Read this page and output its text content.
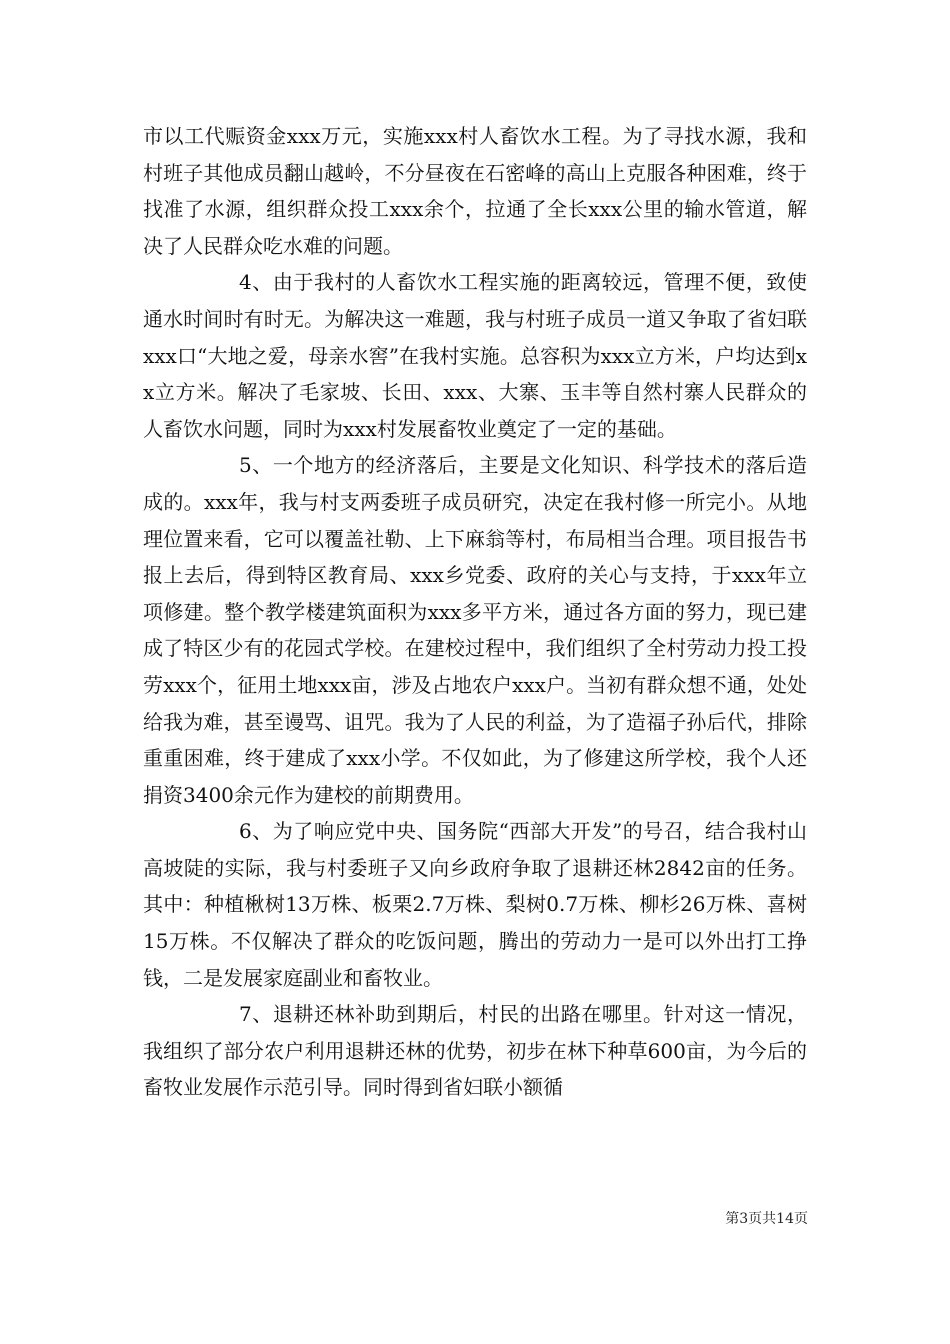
市以工代赈资金xxx万元，实施xxx村人畜饮水工程。为了寻找水源，我和村班子其他成员翻山越岭，不分昼夜在石密峰的高山上克服各种困难，终于找准了水源，组织群众投工xxx余个，拉通了全长xxx公里的输水管道，解决了人民群众吃水难的问题。

4、由于我村的人畜饮水工程实施的距离较远，管理不便，致使通水时间时有时无。为解决这一难题，我与村班子成员一道又争取了省妇联xxx口“大地之爱，母亲水窖”在我村实施。总容积为xxx立方米，户均达到xx立方米。解决了毛家坡、长田、xxx、大寨、玉丰等自然村寨人民群众的人畜饮水问题，同时为xxx村发展畜牧业奠定了一定的基础。

5、一个地方的经济落后，主要是文化知识、科学技术的落后造成的。xxx年，我与村支两委班子成员研究，决定在我村修一所完小。从地理位置来看，它可以覆盖社勒、上下麻翁等村，布局相当合理。项目报告书报上去后，得到特区教育局、xxx乡党委、政府的关心与支持，于xxx年立项修建。整个教学楼建筑面积为xxx多平方米，通过各方面的努力，现已建成了特区少有的花园式学校。在建校过程中，我们组织了全村劳动力投工投劳xxx个，征用土地xxx亩，涉及占地农户xxx户。当初有群众想不通，处处给我为难，甚至谩骂、诅咒。我为了人民的利益，为了造福子孙后代，排除重重困难，终于建成了xxx小学。不仅如此，为了修建这所学校，我个人还捐资3400余元作为建校的前期费用。

6、为了响应党中央、国务院“西部大开发”的号召，结合我村山高坡陡的实际，我与村委班子又向乡政府争取了退耕还林2842亩的任务。其中：种植楸树13万株、板栗2.7万株、梨树0.7万株、柳杉26万株、喜树15万株。不仅解决了群众的吃饭问题，腾出的劳动力一是可以外出打工挣钱，二是发展家庭副业和畜牧业。

7、退耕还林补助到期后，村民的出路在哪里。针对这一情况，我组织了部分农户利用退耕还林的优势，初步在林下种草600亩，为今后的畜牧业发展作示范引导。同时得到省妇联小额循

第3页共14页
